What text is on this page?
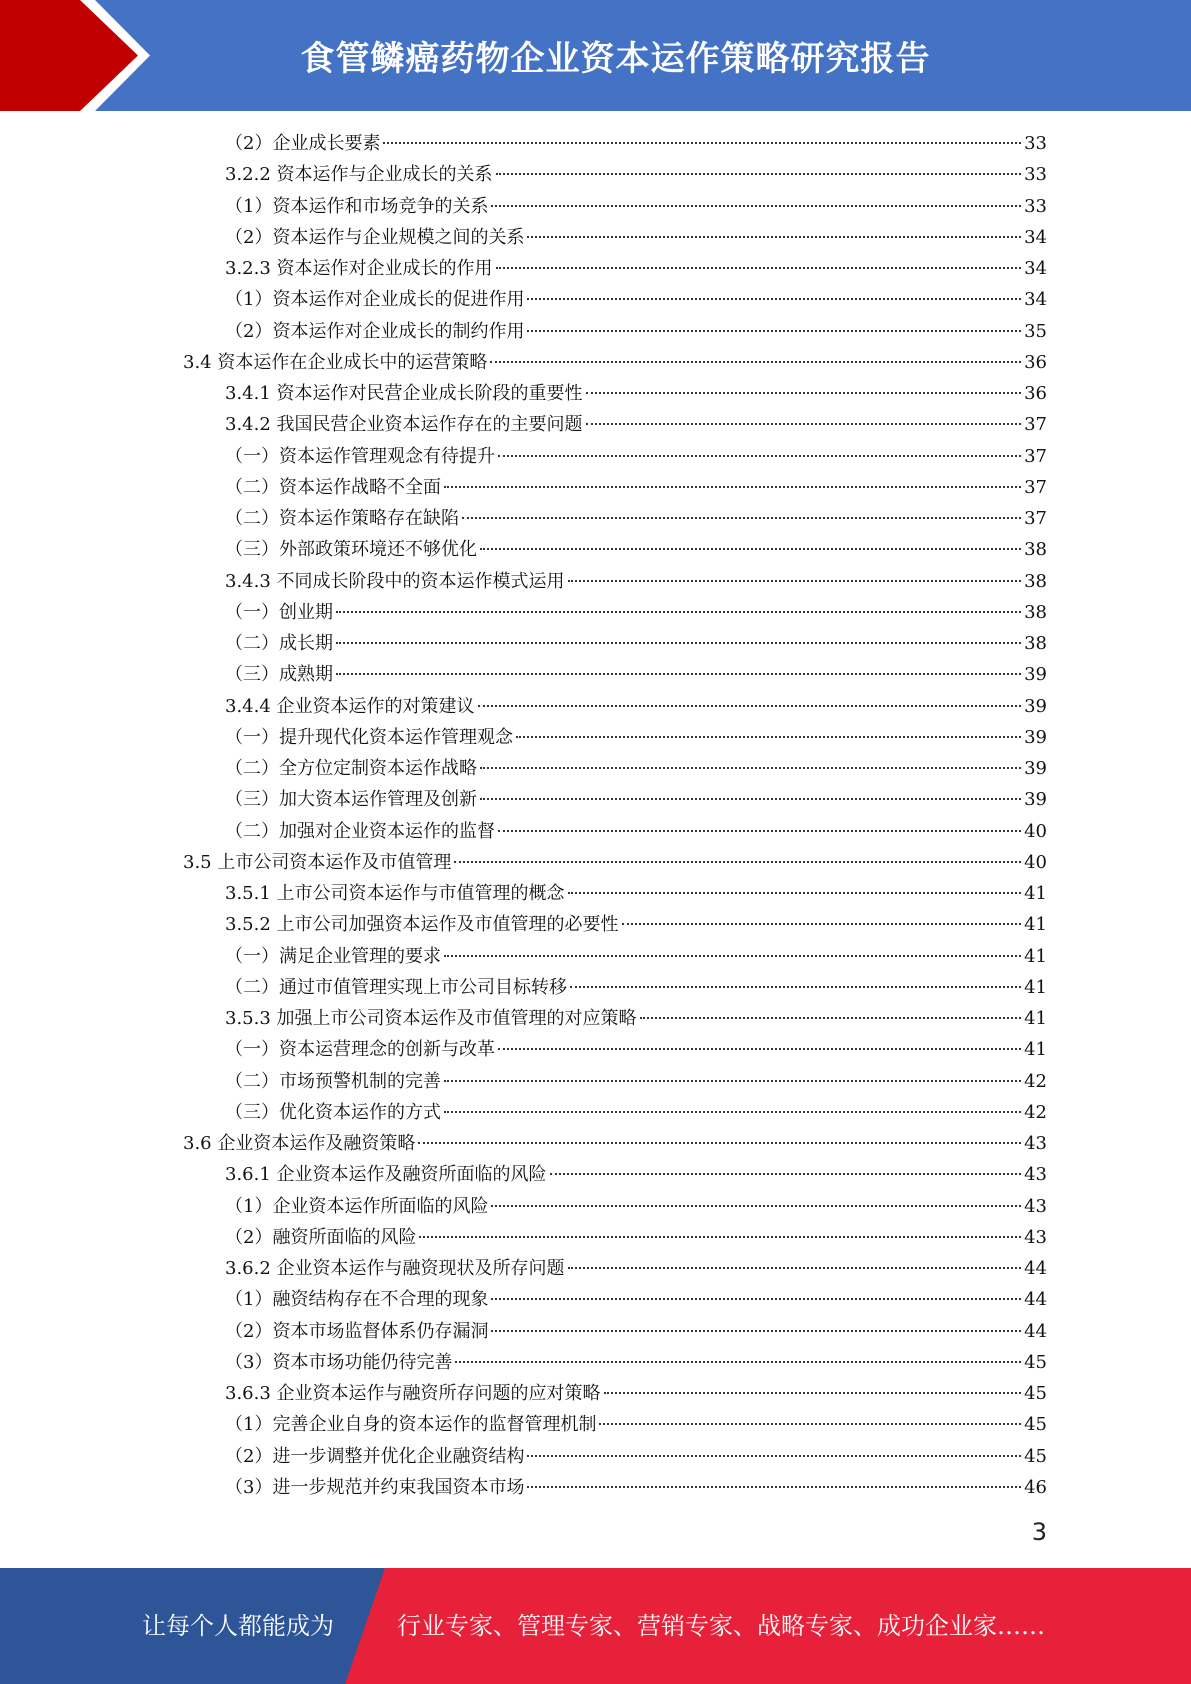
食管鳞癌药物企业资本运作策略研究报告
（2）企业成长要素	33
3.2.2 资本运作与企业成长的关系	33
（1）资本运作和市场竞争的关系	33
（2）资本运作与企业规模之间的关系	34
3.2.3 资本运作对企业成长的作用	34
（1）资本运作对企业成长的促进作用	34
（2）资本运作对企业成长的制约作用	35
3.4 资本运作在企业成长中的运营策略	36
3.4.1 资本运作对民营企业成长阶段的重要性	36
3.4.2 我国民营企业资本运作存在的主要问题	37
（一）资本运作管理观念有待提升	37
（二）资本运作战略不全面	37
（二）资本运作策略存在缺陷	37
（三）外部政策环境还不够优化	38
3.4.3 不同成长阶段中的资本运作模式运用	38
（一）创业期	38
（二）成长期	38
（三）成熟期	39
3.4.4 企业资本运作的对策建议	39
（一）提升现代化资本运作管理观念	39
（二）全方位定制资本运作战略	39
（三）加大资本运作管理及创新	39
（二）加强对企业资本运作的监督	40
3.5 上市公司资本运作及市值管理	40
3.5.1 上市公司资本运作与市值管理的概念	41
3.5.2 上市公司加强资本运作及市值管理的必要性	41
（一）满足企业管理的要求	41
（二）通过市值管理实现上市公司目标转移	41
3.5.3 加强上市公司资本运作及市值管理的对应策略	41
（一）资本运营理念的创新与改革	41
（二）市场预警机制的完善	42
（三）优化资本运作的方式	42
3.6 企业资本运作及融资策略	43
3.6.1 企业资本运作及融资所面临的风险	43
（1）企业资本运作所面临的风险	43
（2）融资所面临的风险	43
3.6.2 企业资本运作与融资现状及所存问题	44
（1）融资结构存在不合理的现象	44
（2）资本市场监督体系仍存漏洞	44
（3）资本市场功能仍待完善	45
3.6.3 企业资本运作与融资所存问题的应对策略	45
（1）完善企业自身的资本运作的监督管理机制	45
（2）进一步调整并优化企业融资结构	45
（3）进一步规范并约束我国资本市场	46
3
让每个人都能成为	行业专家、管理专家、营销专家、战略专家、成功企业家……
